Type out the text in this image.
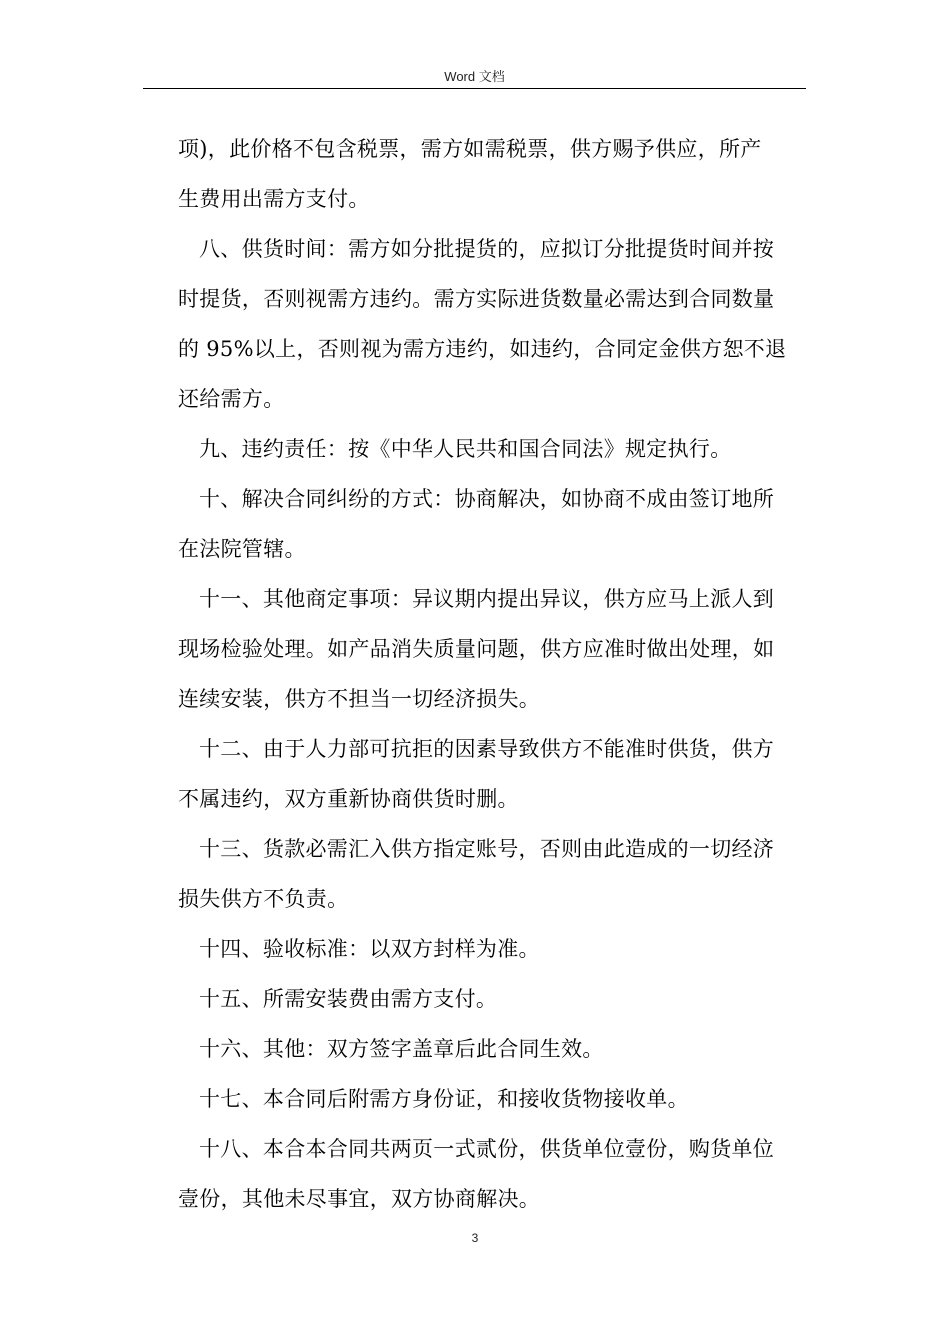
Word 文档

项)，此价格不包含税票，需方如需税票，供方赐予供应，所产

生费用出需方支付。

八、供货时间：需方如分批提货的，应拟订分批提货时间并按

时提货，否则视需方违约。需方实际进货数量必需达到合同数量

的 95%以上，否则视为需方违约，如违约，合同定金供方恕不退

还给需方。

九、违约责任：按《中华人民共和国合同法》规定执行。

十、解决合同纠纷的方式：协商解决，如协商不成由签订地所

在法院管辖。

十一、其他商定事项：异议期内提出异议，供方应马上派人到

现场检验处理。如产品消失质量问题，供方应准时做出处理，如

连续安装，供方不担当一切经济损失。

十二、由于人力部可抗拒的因素导致供方不能准时供货，供方

不属违约，双方重新协商供货时删。

十三、货款必需汇入供方指定账号，否则由此造成的一切经济

损失供方不负责。

十四、验收标准：以双方封样为准。

十五、所需安装费由需方支付。

十六、其他：双方签字盖章后此合同生效。

十七、本合同后附需方身份证，和接收货物接收单。

十八、本合本合同共两页一式贰份，供货单位壹份，购货单位

壹份，其他未尽事宜，双方协商解决。

3
